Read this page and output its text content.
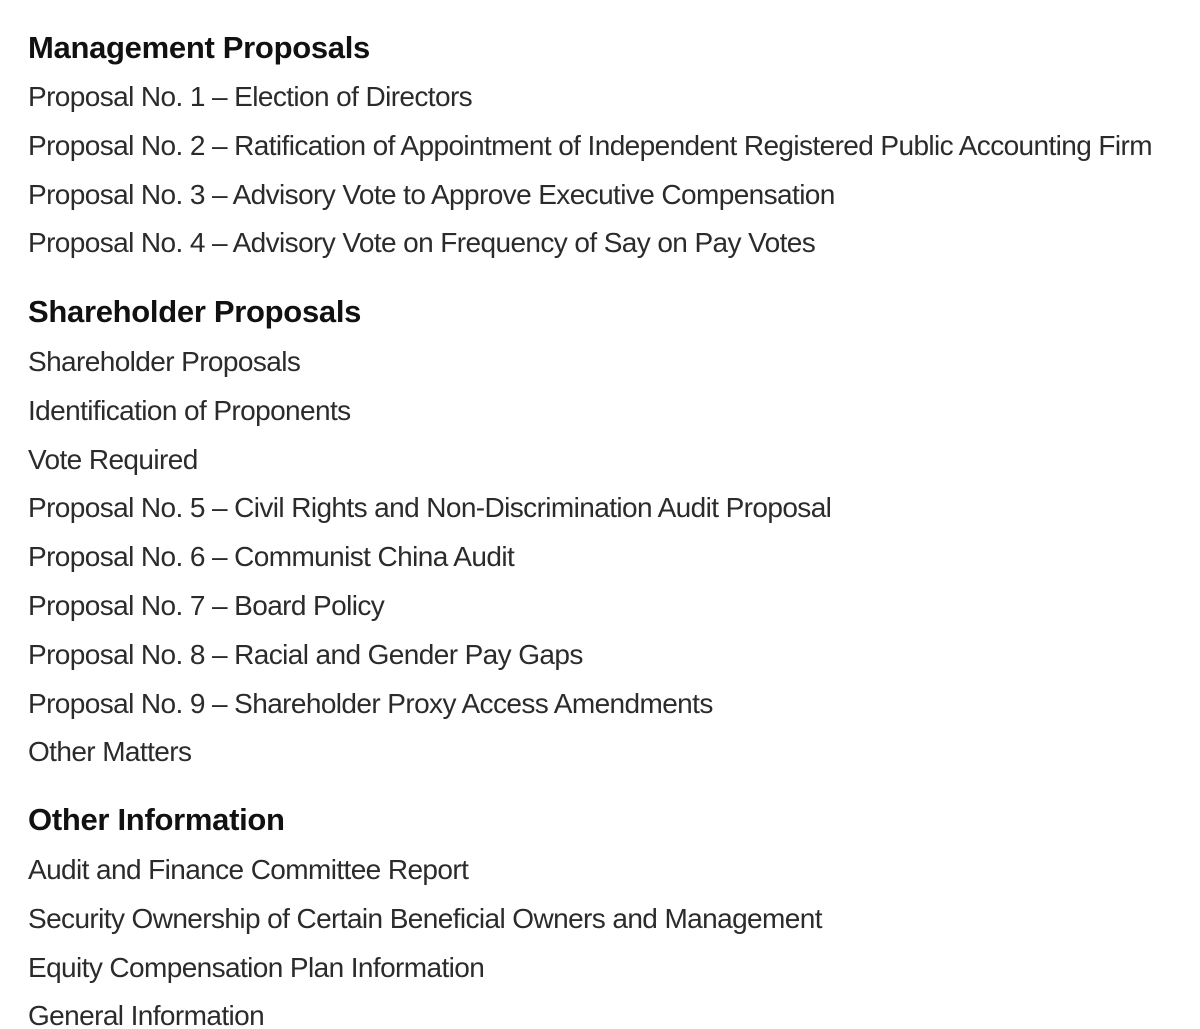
Management Proposals
Proposal No. 1 – Election of Directors
Proposal No. 2 – Ratification of Appointment of Independent Registered Public Accounting Firm
Proposal No. 3 – Advisory Vote to Approve Executive Compensation
Proposal No. 4 – Advisory Vote on Frequency of Say on Pay Votes
Shareholder Proposals
Shareholder Proposals
Identification of Proponents
Vote Required
Proposal No. 5 – Civil Rights and Non-Discrimination Audit Proposal
Proposal No. 6 – Communist China Audit
Proposal No. 7 – Board Policy
Proposal No. 8 – Racial and Gender Pay Gaps
Proposal No. 9 – Shareholder Proxy Access Amendments
Other Matters
Other Information
Audit and Finance Committee Report
Security Ownership of Certain Beneficial Owners and Management
Equity Compensation Plan Information
General Information
